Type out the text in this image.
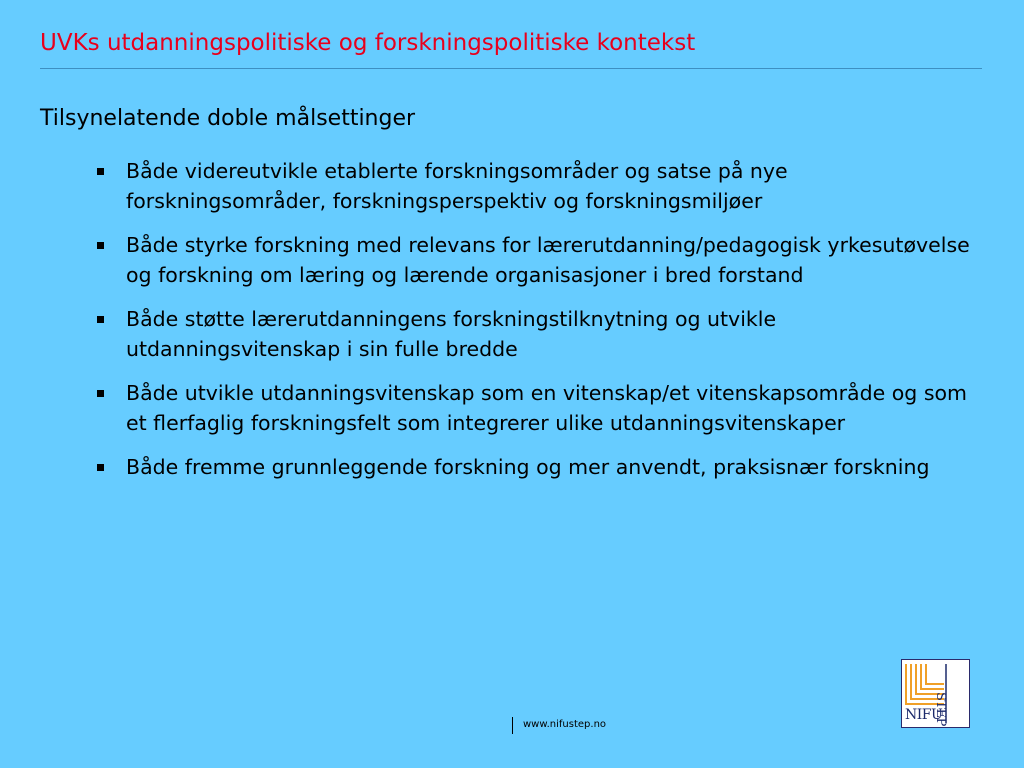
UVKs utdanningspolitiske og forskningspolitiske kontekst
Tilsynelatende doble målsettinger
Både videreutvikle etablerte forskningsområder og satse på nye forskningsområder, forskningsperspektiv og forskningsmiljøer
Både styrke forskning med relevans for lærerutdanning/pedagogisk yrkesutøvelse og forskning om læring og lærende organisasjoner i bred forstand
Både støtte lærerutdanningens forskningstilknytning og utvikle utdanningsvitenskap i sin fulle bredde
Både utvikle utdanningsvitenskap som en vitenskap/et vitenskapsområde og som et flerfaglig forskningsfelt som integrerer ulike utdanningsvitenskaper
Både fremme grunnleggende forskning og mer anvendt, praksisnær forskning
www.nifustep.no
NIFU
STEP
